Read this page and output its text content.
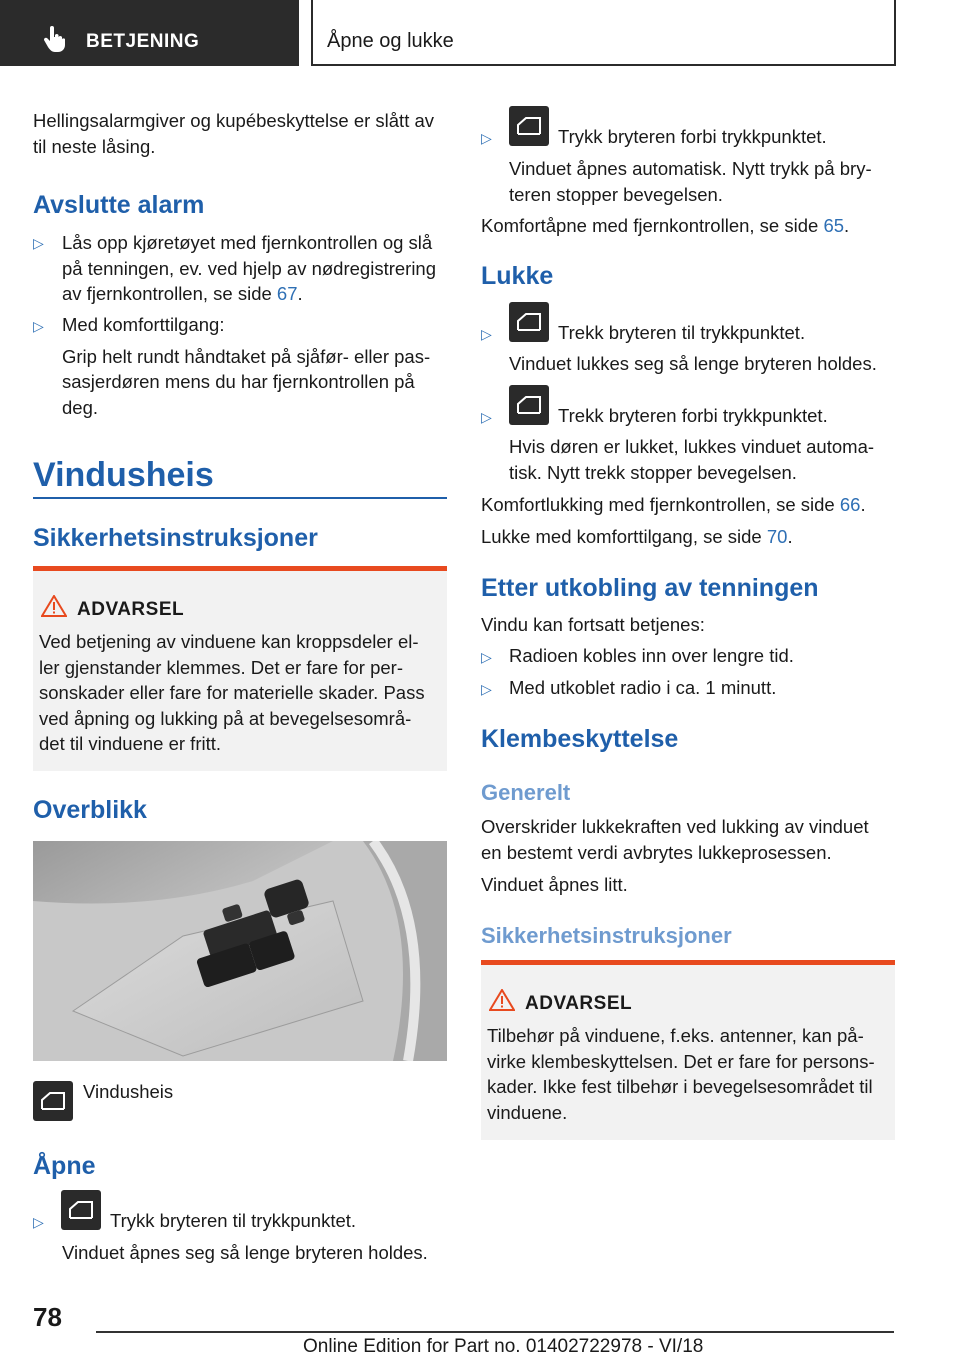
BETJENING	Åpne og lukke
Hellingsalarmgiver og kupébeskyttelse er slått av
til neste låsing.
Avslutte alarm
▷ Lås opp kjøretøyet med fjernkontrollen og slå
på tenningen, ev. ved hjelp av nødregistrering
av fjernkontrollen, se side 67.
▷ Med komforttilgang:
Grip helt rundt håndtaket på sjåfør- eller pas-
sasjerdøren mens du har fjernkontrollen på
deg.
Vindusheis
Sikkerhetsinstruksjoner
ADVARSEL
Ved betjening av vinduene kan kroppsdeler el-
ler gjenstander klemmes. Det er fare for per-
sonskader eller fare for materielle skader. Pass
ved åpning og lukking på at bevegelsesområ-
det til vinduene er fritt.
Overblikk
Vindusheis
Åpne
▷	Trykk bryteren til trykkpunktet.
Vinduet åpnes seg så lenge bryteren holdes.
▷	Trykk bryteren forbi trykkpunktet.
Vinduet åpnes automatisk. Nytt trykk på bry-
teren stopper bevegelsen.
Komfortåpne med fjernkontrollen, se side 65.
Lukke
▷	Trekk bryteren til trykkpunktet.
Vinduet lukkes seg så lenge bryteren holdes.
▷	Trekk bryteren forbi trykkpunktet.
Hvis døren er lukket, lukkes vinduet automa-
tisk. Nytt trekk stopper bevegelsen.
Komfortlukking med fjernkontrollen, se side 66.
Lukke med komforttilgang, se side 70.
Etter utkobling av tenningen
Vindu kan fortsatt betjenes:
▷ Radioen kobles inn over lengre tid.
▷ Med utkoblet radio i ca. 1 minutt.
Klembeskyttelse
Generelt
Overskrider lukkekraften ved lukking av vinduet
en bestemt verdi avbrytes lukkeprosessen.
Vinduet åpnes litt.
Sikkerhetsinstruksjoner
ADVARSEL
Tilbehør på vinduene, f.eks. antenner, kan på-
virke klembeskyttelsen. Det er fare for persons-
kader. Ikke fest tilbehør i bevegelsesområdet til
vinduene.
78
Online Edition for Part no. 01402722978 - VI/18
